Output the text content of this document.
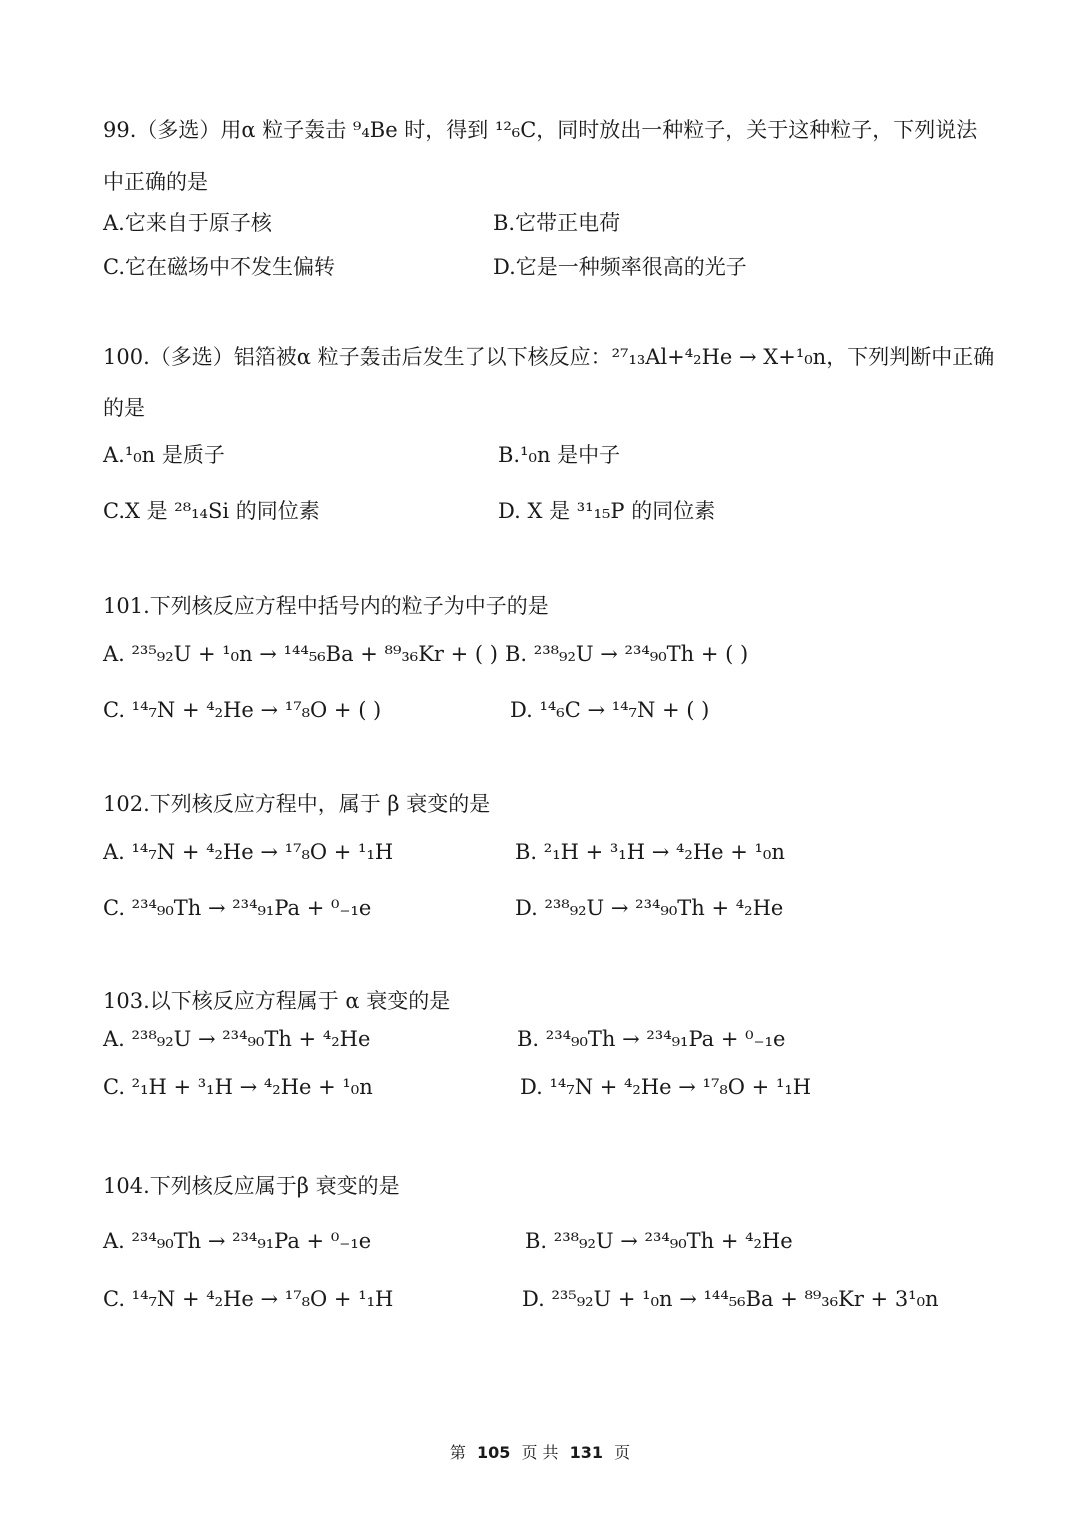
99.（多选）用α 粒子轰击 ⁹₄Be 时，得到 ¹²₆C，同时放出一种粒子，关于这种粒子，下列说法
中正确的是
A.它来自于原子核	B.它带正电荷
C.它在磁场中不发生偏转	D.它是一种频率很高的光子
100.（多选）铝箔被α 粒子轰击后发生了以下核反应：²⁷₁₃Al+⁴₂He → X+¹₀n，下列判断中正确
的是
A.¹₀n 是质子	B.¹₀n 是中子
C.X 是 ²⁸₁₄Si 的同位素	D. X 是 ³¹₁₅P 的同位素
101.下列核反应方程中括号内的粒子为中子的是
A. ²³⁵₉₂U + ¹₀n → ¹⁴⁴₅₆Ba + ⁸⁹₃₆Kr + ( ) B. ²³⁸₉₂U → ²³⁴₉₀Th + ( )
C. ¹⁴₇N + ⁴₂He → ¹⁷₈O + ( )	D. ¹⁴₆C → ¹⁴₇N + ( )
102.下列核反应方程中，属于 β 衰变的是
A. ¹⁴₇N + ⁴₂He → ¹⁷₈O + ¹₁H	B. ²₁H + ³₁H → ⁴₂He + ¹₀n
C. ²³⁴₉₀Th → ²³⁴₉₁Pa + ⁰₋₁e	D. ²³⁸₉₂U → ²³⁴₉₀Th + ⁴₂He
103.以下核反应方程属于 α 衰变的是
A. ²³⁸₉₂U → ²³⁴₉₀Th + ⁴₂He	B. ²³⁴₉₀Th → ²³⁴₉₁Pa + ⁰₋₁e
C. ²₁H + ³₁H → ⁴₂He + ¹₀n	D. ¹⁴₇N + ⁴₂He → ¹⁷₈O + ¹₁H
104.下列核反应属于β 衰变的是
A. ²³⁴₉₀Th → ²³⁴₉₁Pa + ⁰₋₁e	B. ²³⁸₉₂U → ²³⁴₉₀Th + ⁴₂He
C. ¹⁴₇N + ⁴₂He → ¹⁷₈O + ¹₁H	D. ²³⁵₉₂U + ¹₀n → ¹⁴⁴₅₆Ba + ⁸⁹₃₆Kr + 3¹₀n
第 105 页 共 131 页
